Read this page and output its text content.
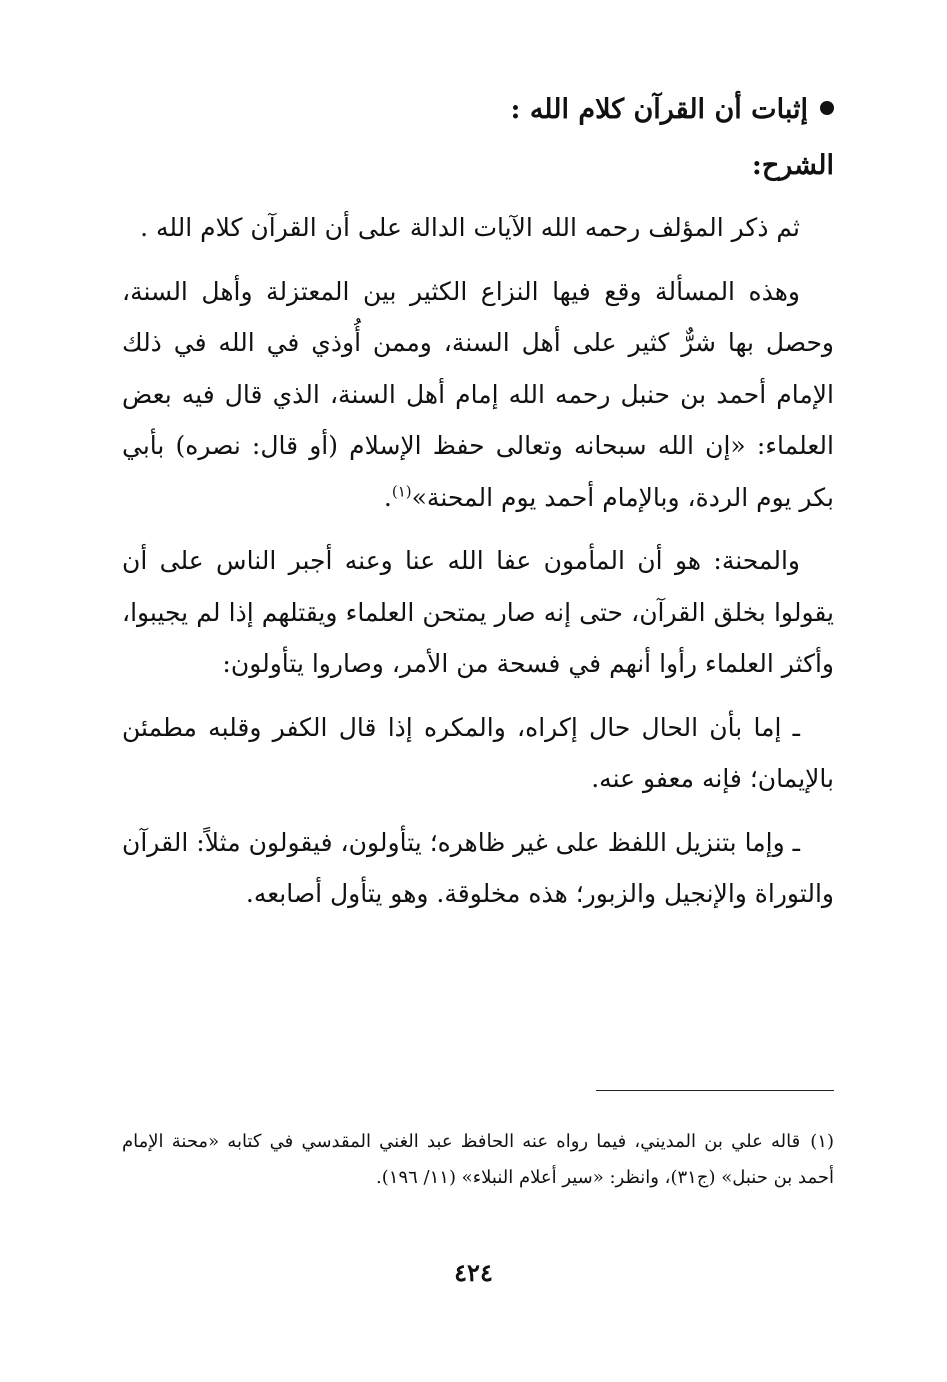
إثبات أن القرآن كلام الله :
الشرح:

ثم ذكر المؤلف رحمه الله الآيات الدالة على أن القرآن كلام الله .

وهذه المسألة وقع فيها النزاع الكثير بين المعتزلة وأهل السنة، وحصل بها شرٌّ كثير على أهل السنة، وممن أُوذي في الله في ذلك الإمام أحمد بن حنبل رحمه الله إمام أهل السنة، الذي قال فيه بعض العلماء: «إن الله سبحانه وتعالى حفظ الإسلام (أو قال: نصره) بأبي بكر يوم الردة، وبالإمام أحمد يوم المحنة»$^{(١)}$.

والمحنة: هو أن المأمون عفا الله عنا وعنه أجبر الناس على أن يقولوا بخلق القرآن، حتى إنه صار يمتحن العلماء ويقتلهم إذا لم يجيبوا، وأكثر العلماء رأوا أنهم في فسحة من الأمر، وصاروا يتأولون:

ـ إما بأن الحال حال إكراه، والمكره إذا قال الكفر وقلبه مطمئن بالإيمان؛ فإنه معفو عنه.

ـ وإما بتنزيل اللفظ على غير ظاهره؛ يتأولون، فيقولون مثلاً: القرآن والتوراة والإنجيل والزبور؛ هذه مخلوقة. وهو يتأول أصابعه.

(١)قاله علي بن المديني، فيما رواه عنه الحافظ عبد الغني المقدسي في كتابه «محنة الإمام أحمد بن حنبل» (ج٣١)، وانظر: «سير أعلام النبلاء» (١١/ ١٩٦).
٤٢٤
